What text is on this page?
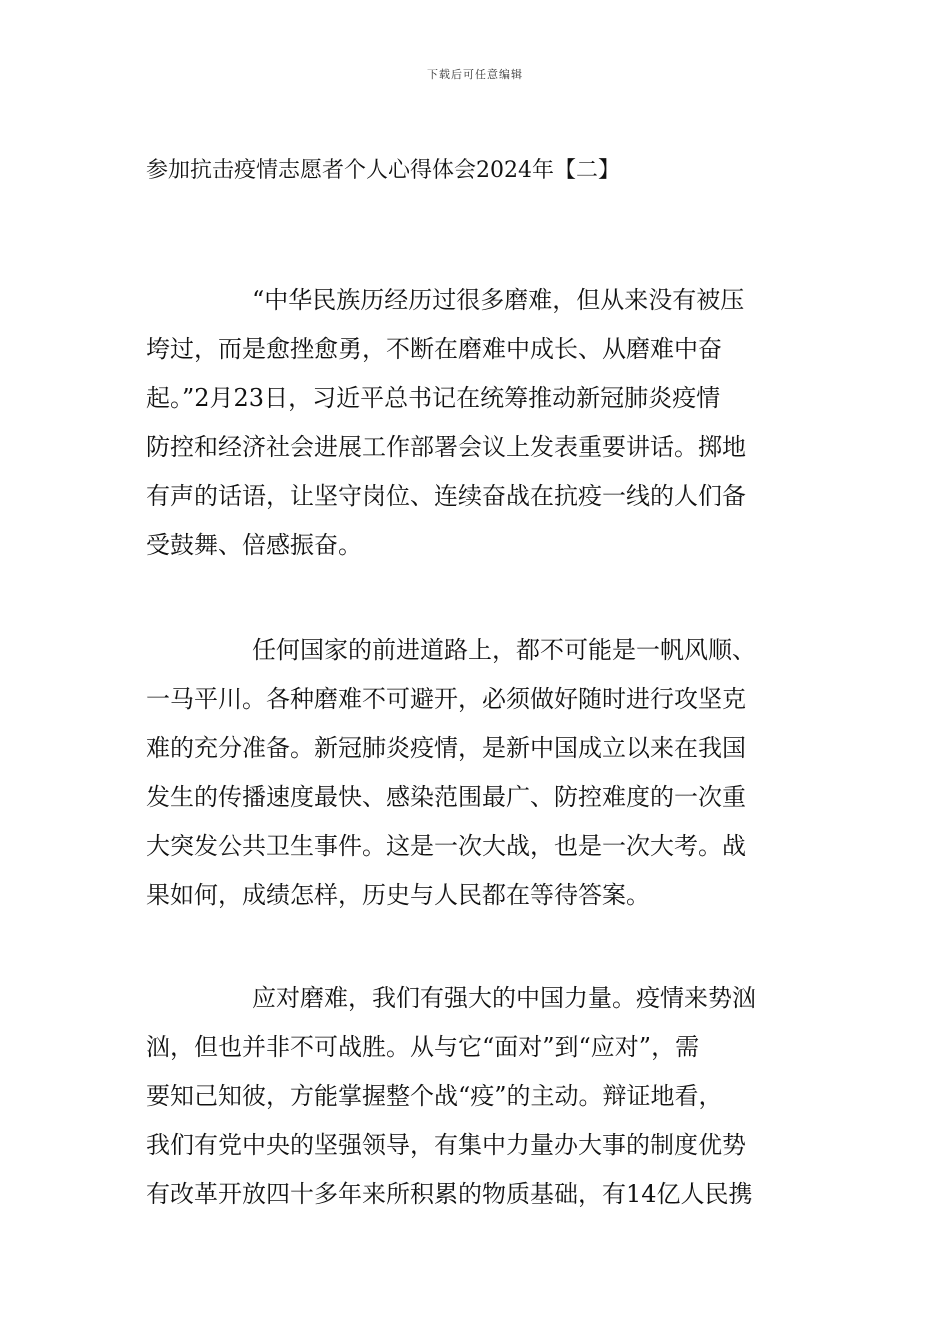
下载后可任意编辑
参加抗击疫情志愿者个人心得体会2024年【二】
“中华民族历经历过很多磨难，但从来没有被压
垮过，而是愈挫愈勇，不断在磨难中成长、从磨难中奋
起。”2月23日，习近平总书记在统筹推动新冠肺炎疫情
防控和经济社会进展工作部署会议上发表重要讲话。掷地
有声的话语，让坚守岗位、连续奋战在抗疫一线的人们备
受鼓舞、倍感振奋。
任何国家的前进道路上，都不可能是一帆风顺、
一马平川。各种磨难不可避开，必须做好随时进行攻坚克
难的充分准备。新冠肺炎疫情，是新中国成立以来在我国
发生的传播速度最快、感染范围最广、防控难度的一次重
大突发公共卫生事件。这是一次大战，也是一次大考。战
果如何，成绩怎样，历史与人民都在等待答案。
应对磨难，我们有强大的中国力量。疫情来势汹
汹，但也并非不可战胜。从与它“面对”到“应对”，需
要知己知彼，方能掌握整个战“疫”的主动。辩证地看，
我们有党中央的坚强领导，有集中力量办大事的制度优势
有改革开放四十多年来所积累的物质基础，有14亿人民携
